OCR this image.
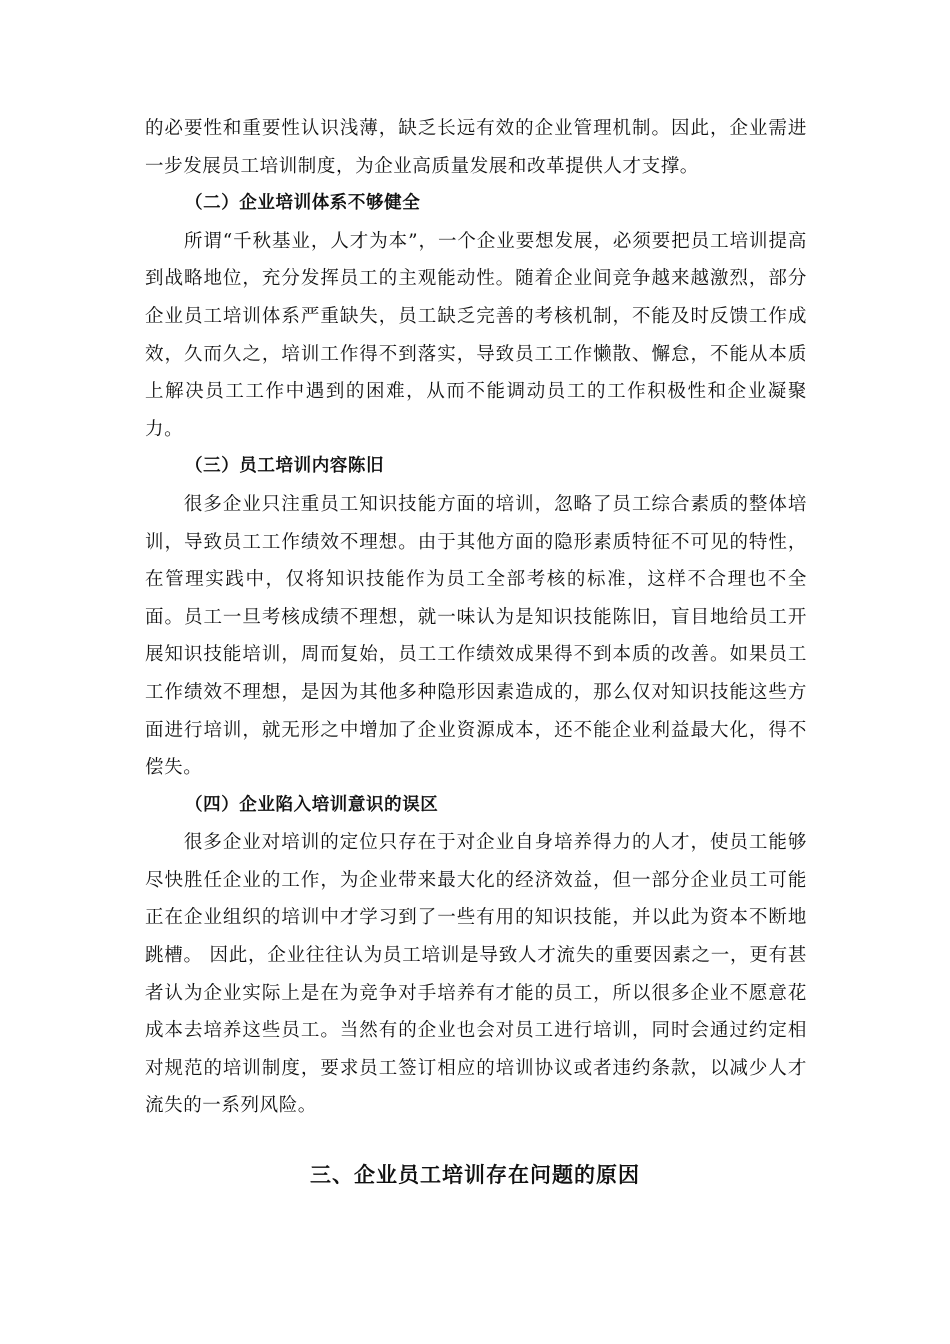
的必要性和重要性认识浅薄，缺乏长远有效的企业管理机制。因此，企业需进一步发展员工培训制度，为企业高质量发展和改革提供人才支撑。

（二）企业培训体系不够健全

所谓“千秋基业，人才为本”，一个企业要想发展，必须要把员工培训提高到战略地位，充分发挥员工的主观能动性。随着企业间竞争越来越激烈，部分企业员工培训体系严重缺失，员工缺乏完善的考核机制，不能及时反馈工作成效，久而久之，培训工作得不到落实，导致员工工作懒散、懈怠，不能从本质上解决员工工作中遇到的困难，从而不能调动员工的工作积极性和企业凝聚力。

（三）员工培训内容陈旧

很多企业只注重员工知识技能方面的培训，忽略了员工综合素质的整体培训，导致员工工作绩效不理想。由于其他方面的隐形素质特征不可见的特性，在管理实践中，仅将知识技能作为员工全部考核的标准，这样不合理也不全面。员工一旦考核成绩不理想，就一味认为是知识技能陈旧，盲目地给员工开展知识技能培训，周而复始，员工工作绩效成果得不到本质的改善。如果员工工作绩效不理想，是因为其他多种隐形因素造成的，那么仅对知识技能这些方面进行培训，就无形之中增加了企业资源成本，还不能企业利益最大化，得不偿失。

（四）企业陷入培训意识的误区

很多企业对培训的定位只存在于对企业自身培养得力的人才，使员工能够尽快胜任企业的工作，为企业带来最大化的经济效益，但一部分企业员工可能正在企业组织的培训中才学习到了一些有用的知识技能，并以此为资本不断地跳槽。 因此，企业往往认为员工培训是导致人才流失的重要因素之一，更有甚者认为企业实际上是在为竞争对手培养有才能的员工，所以很多企业不愿意花成本去培养这些员工。当然有的企业也会对员工进行培训，同时会通过约定相对规范的培训制度，要求员工签订相应的培训协议或者违约条款，以减少人才流失的一系列风险。

三、企业员工培训存在问题的原因
